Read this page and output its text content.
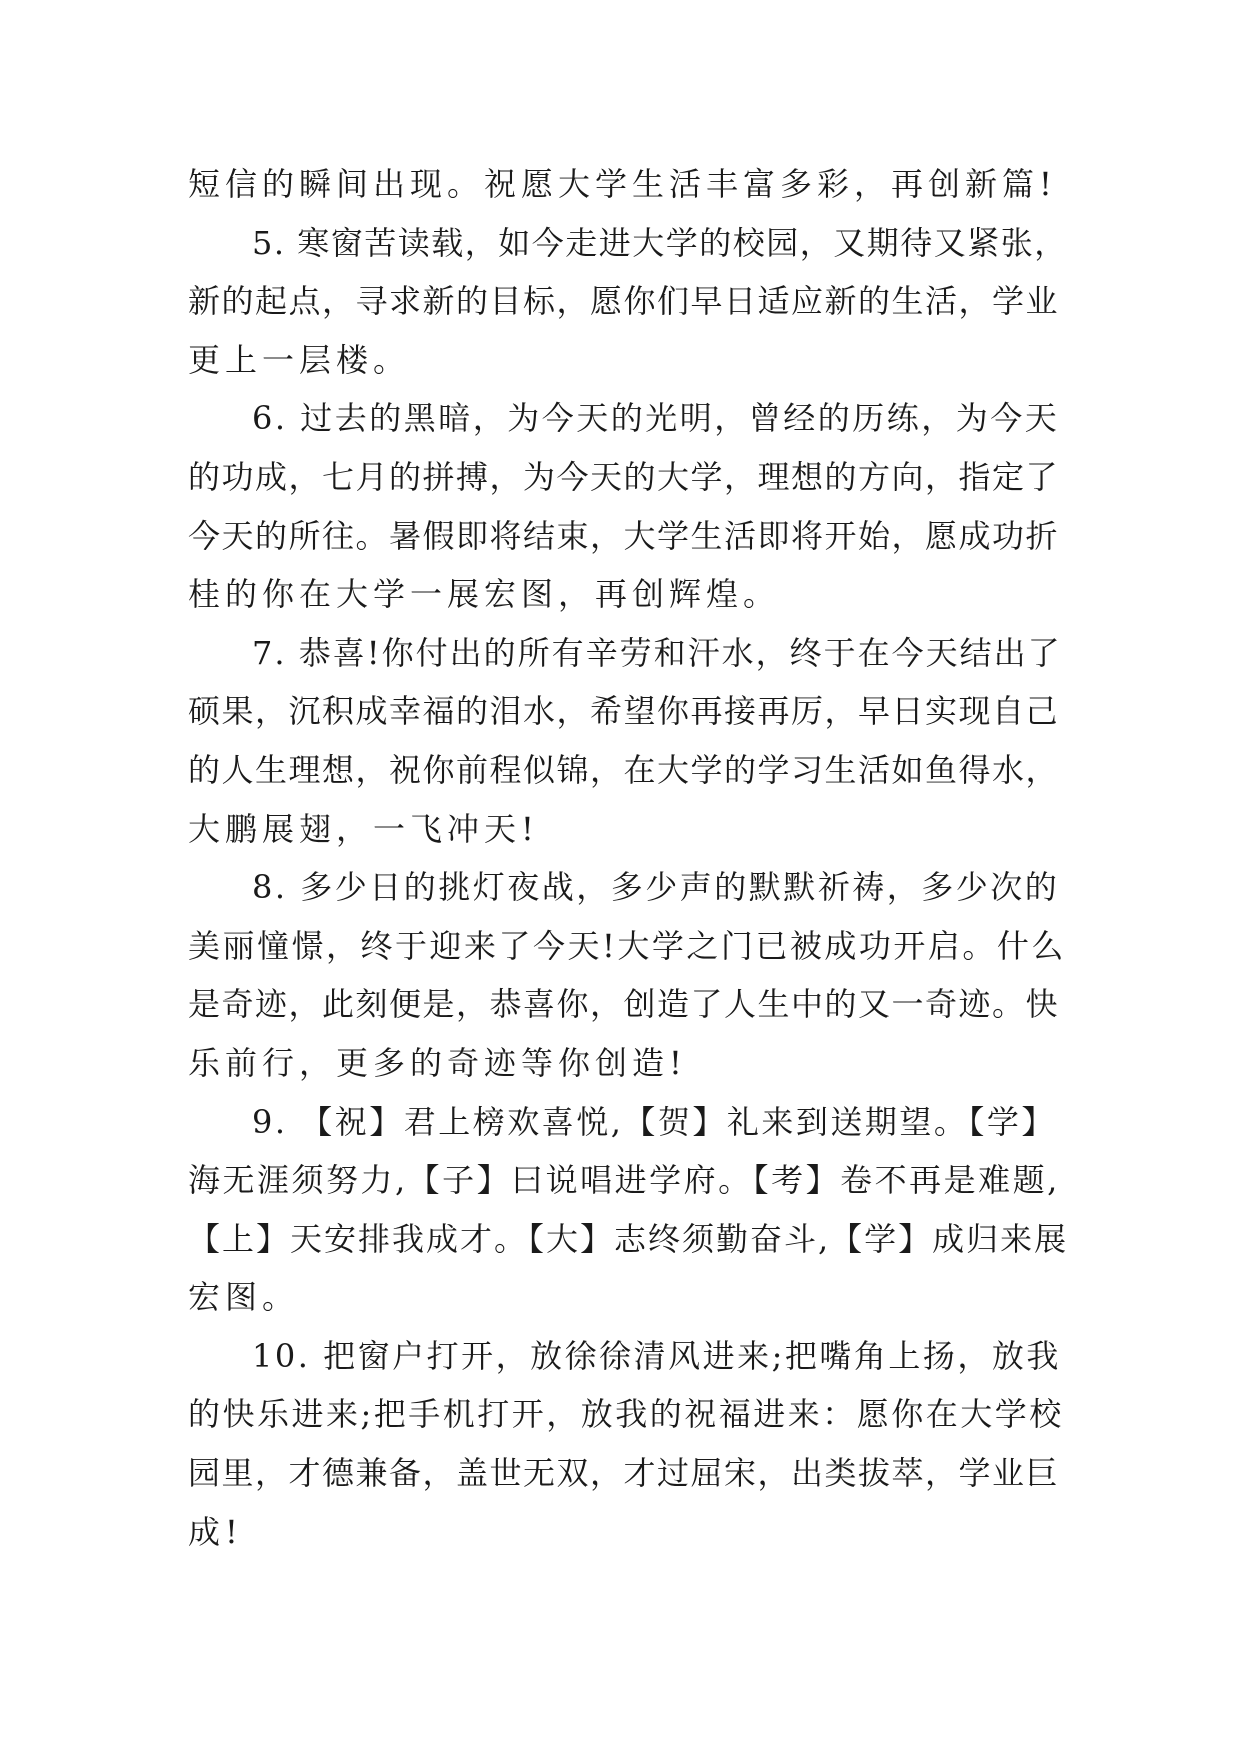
短信的瞬间出现。祝愿大学生活丰富多彩，再创新篇!
5. 寒窗苦读载，如今走进大学的校园，又期待又紧张，
新的起点，寻求新的目标，愿你们早日适应新的生活，学业
更上一层楼。
6. 过去的黑暗，为今天的光明，曾经的历练，为今天
的功成，七月的拼搏，为今天的大学，理想的方向，指定了
今天的所往。暑假即将结束，大学生活即将开始，愿成功折
桂的你在大学一展宏图，再创辉煌。
7. 恭喜!你付出的所有辛劳和汗水，终于在今天结出了
硕果，沉积成幸福的泪水，希望你再接再厉，早日实现自己
的人生理想，祝你前程似锦，在大学的学习生活如鱼得水，
大鹏展翅，一飞冲天!
8. 多少日的挑灯夜战，多少声的默默祈祷，多少次的
美丽憧憬，终于迎来了今天!大学之门已被成功开启。什么
是奇迹，此刻便是，恭喜你，创造了人生中的又一奇迹。快
乐前行，更多的奇迹等你创造!
9. 【祝】君上榜欢喜悦,【贺】礼来到送期望。【学】
海无涯须努力,【子】曰说唱进学府。【考】卷不再是难题,
【上】天安排我成才。【大】志终须勤奋斗,【学】成归来展
宏图。
10. 把窗户打开，放徐徐清风进来;把嘴角上扬，放我
的快乐进来;把手机打开，放我的祝福进来：愿你在大学校
园里，才德兼备，盖世无双，才过屈宋，出类拔萃，学业巨
成!
